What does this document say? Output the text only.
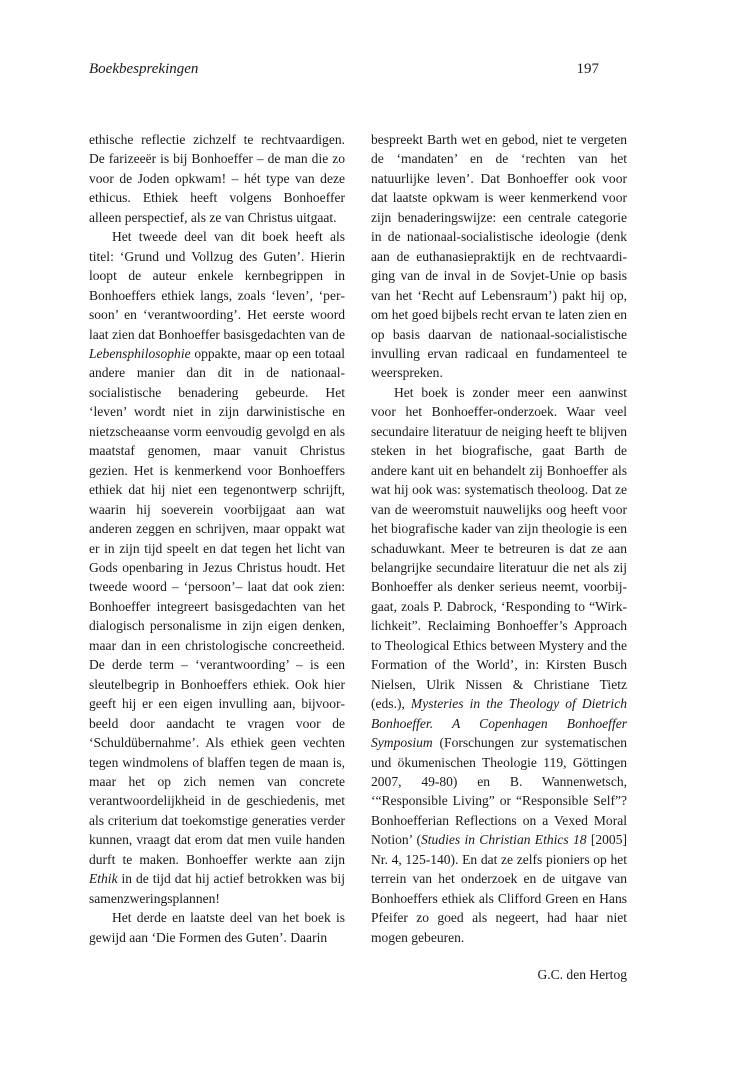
Boekbesprekingen	197

ethische reflectie zichzelf te rechtvaardigen. De farizeeër is bij Bonhoeffer – de man die zo voor de Joden opkwam! – hét type van deze ethicus. Ethiek heeft volgens Bonhoeffer alleen perspectief, als ze van Christus uitgaat.

Het tweede deel van dit boek heeft als titel: ‘Grund und Vollzug des Guten’. Hierin loopt de auteur enkele kernbegrippen in Bonhoeffers ethiek langs, zoals ‘leven’, ‘persoon’ en ‘verantwoording’. Het eerste woord laat zien dat Bonhoeffer basisgedachten van de Lebensphilosophie oppakte, maar op een totaal andere manier dan dit in de nationaal-socialistische benadering gebeurde. Het ‘leven’ wordt niet in zijn darwinistische en nietzscheaanse vorm eenvoudig gevolgd en als maatstaf genomen, maar vanuit Christus gezien. Het is kenmerkend voor Bonhoeffers ethiek dat hij niet een tegenontwerp schrijft, waarin hij soeverein voorbijgaat aan wat anderen zeggen en schrijven, maar oppakt wat er in zijn tijd speelt en dat tegen het licht van Gods openbaring in Jezus Christus houdt. Het tweede woord – ‘persoon’– laat dat ook zien: Bonhoeffer integreert basisgedachten van het dialogisch personalisme in zijn eigen denken, maar dan in een christologische concreetheid. De derde term – ‘verantwoording’ – is een sleutelbegrip in Bonhoeffers ethiek. Ook hier geeft hij er een eigen invulling aan, bijvoorbeeld door aandacht te vragen voor de ‘Schuldübernahme’. Als ethiek geen vechten tegen windmolens of blaffen tegen de maan is, maar het op zich nemen van concrete verantwoordelijkheid in de geschiedenis, met als criterium dat toekomstige generaties verder kunnen, vraagt dat erom dat men vuile handen durft te maken. Bonhoeffer werkte aan zijn Ethik in de tijd dat hij actief betrokken was bij samenzweringsplannen!

Het derde en laatste deel van het boek is gewijd aan ‘Die Formen des Guten’. Daarin

bespreekt Barth wet en gebod, niet te vergeten de ‘mandaten’ en de ‘rechten van het natuurlijke leven’. Dat Bonhoeffer ook voor dat laatste opkwam is weer kenmerkend voor zijn benaderingswijze: een centrale categorie in de nationaal-socialistische ideologie (denk aan de euthanasiepraktijk en de rechtvaardiging van de inval in de Sovjet-Unie op basis van het ‘Recht auf Lebensraum’) pakt hij op, om het goed bijbels recht ervan te laten zien en op basis daarvan de nationaal-socialistische invulling ervan radicaal en fundamenteel te weerspreken.

Het boek is zonder meer een aanwinst voor het Bonhoeffer-onderzoek. Waar veel secundaire literatuur de neiging heeft te blijven steken in het biografische, gaat Barth de andere kant uit en behandelt zij Bonhoeffer als wat hij ook was: systematisch theoloog. Dat ze van de weeromstuit nauwelijks oog heeft voor het biografische kader van zijn theologie is een schaduwkant. Meer te betreuren is dat ze aan belangrijke secundaire literatuur die net als zij Bonhoeffer als denker serieus neemt, voorbijgaat, zoals P. Dabrock, ‘Responding to “Wirklichkeit”. Reclaiming Bonhoeffer’s Approach to Theological Ethics between Mystery and the Formation of the World’, in: Kirsten Busch Nielsen, Ulrik Nissen & Christiane Tietz (eds.), Mysteries in the Theology of Dietrich Bonhoeffer. A Copenhagen Bonhoeffer Symposium (Forschungen zur systematischen und ökumenischen Theologie 119, Göttingen 2007, 49-80) en B. Wannenwetsch, ‘“Responsible Living” or “Responsible Self”? Bonhoefferian Reflections on a Vexed Moral Notion’ (Studies in Christian Ethics 18 [2005] Nr. 4, 125-140). En dat ze zelfs pioniers op het terrein van het onderzoek en de uitgave van Bonhoeffers ethiek als Clifford Green en Hans Pfeifer zo goed als negeert, had haar niet mogen gebeuren.

G.C. den Hertog
